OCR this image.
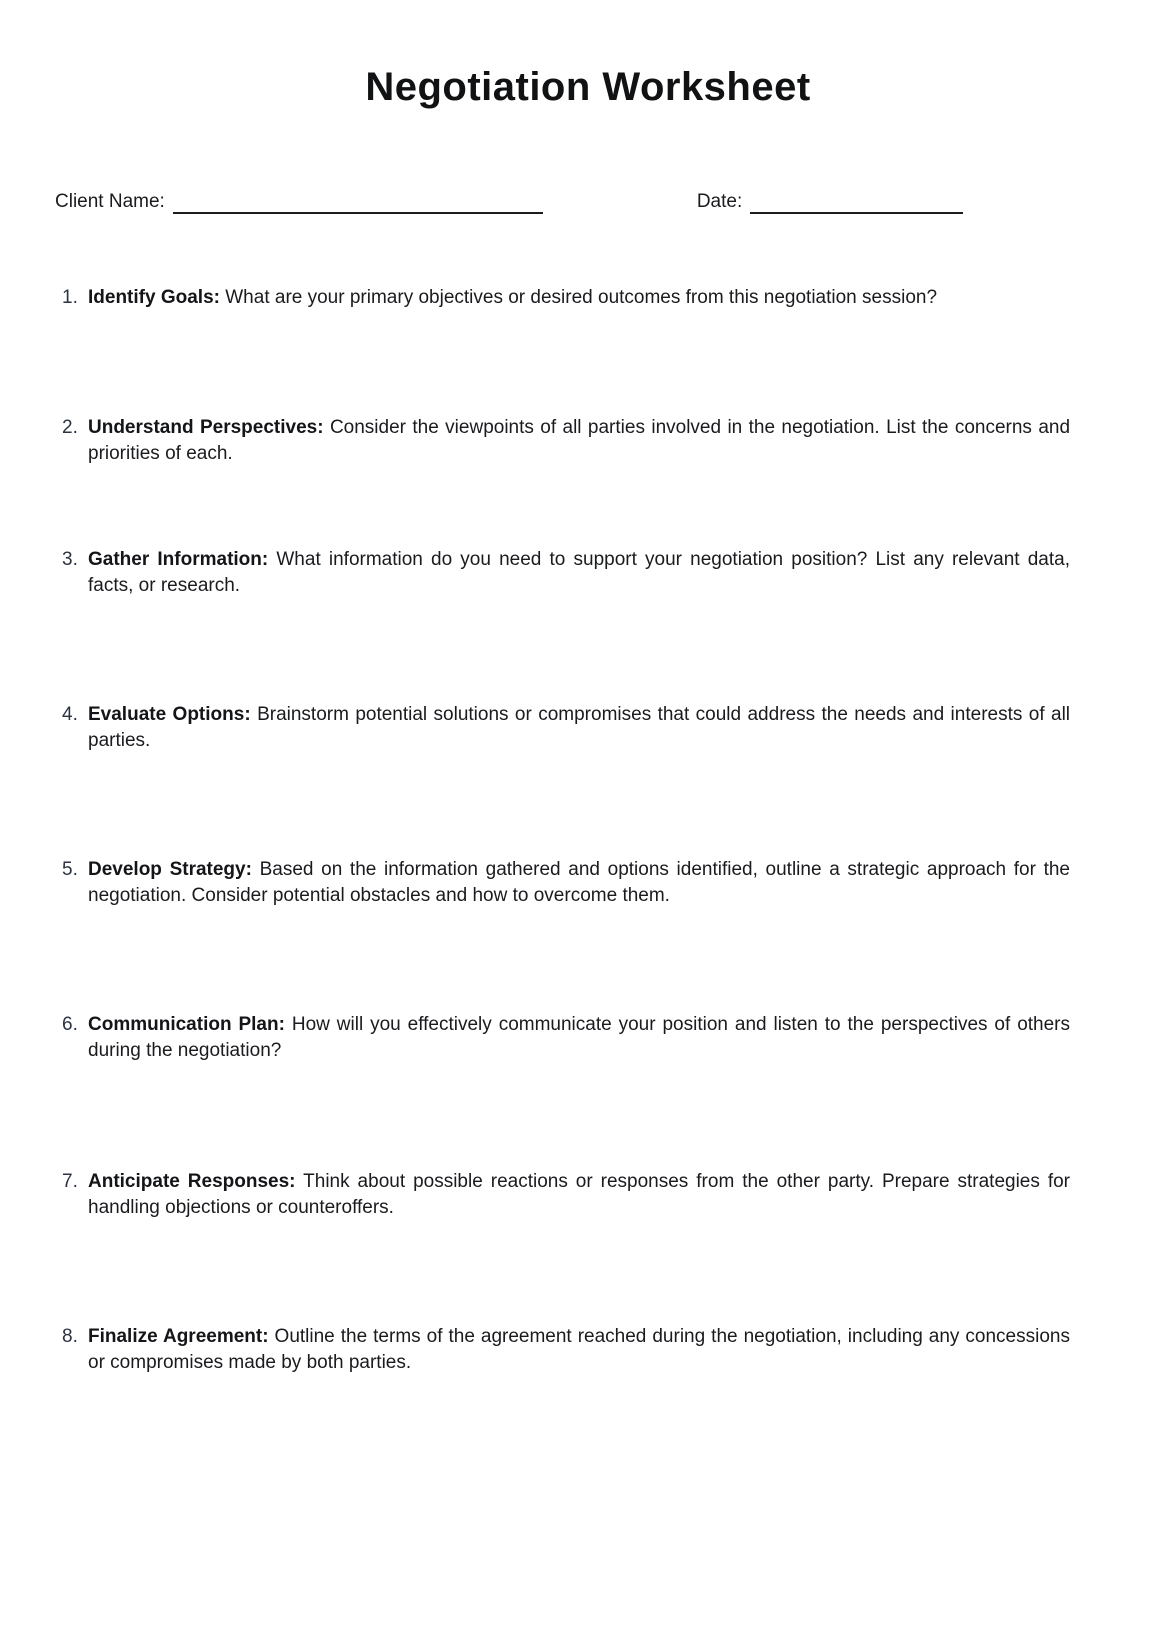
Negotiation Worksheet
Client Name:	Date:
1. Identify Goals: What are your primary objectives or desired outcomes from this negotiation session?
2. Understand Perspectives: Consider the viewpoints of all parties involved in the negotiation. List the concerns and priorities of each.
3. Gather Information: What information do you need to support your negotiation position? List any relevant data, facts, or research.
4. Evaluate Options: Brainstorm potential solutions or compromises that could address the needs and interests of all parties.
5. Develop Strategy: Based on the information gathered and options identified, outline a strategic approach for the negotiation. Consider potential obstacles and how to overcome them.
6. Communication Plan: How will you effectively communicate your position and listen to the perspectives of others during the negotiation?
7. Anticipate Responses: Think about possible reactions or responses from the other party. Prepare strategies for handling objections or counteroffers.
8. Finalize Agreement: Outline the terms of the agreement reached during the negotiation, including any concessions or compromises made by both parties.
